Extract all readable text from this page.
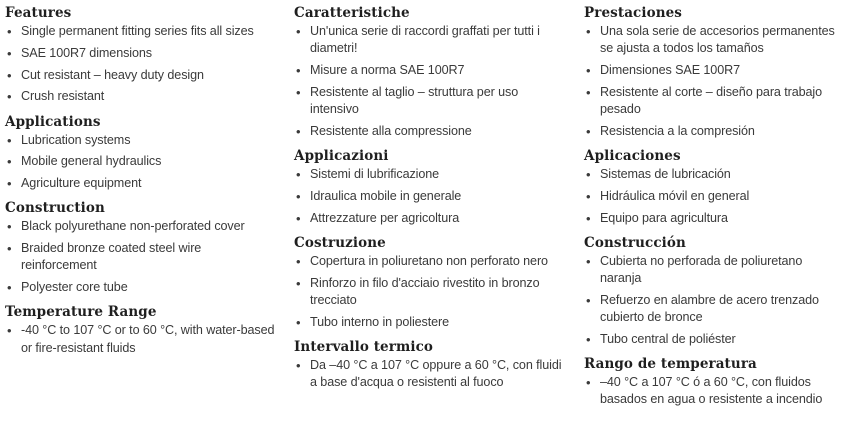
Features
• Single permanent fitting series fits all sizes
• SAE 100R7 dimensions
• Cut resistant – heavy duty design
• Crush resistant
Applications
• Lubrication systems
• Mobile general hydraulics
• Agriculture equipment
Construction
• Black polyurethane non-perforated cover
• Braided bronze coated steel wire reinforcement
• Polyester core tube
Temperature Range
• -40 °C to 107 °C or to 60 °C, with water-based or fire-resistant fluids
Caratteristiche
• Un'unica serie di raccordi graffati per tutti i diametri!
• Misure a norma SAE 100R7
• Resistente al taglio – struttura per uso intensivo
• Resistente alla compressione
Applicazioni
• Sistemi di lubrificazione
• Idraulica mobile in generale
• Attrezzature per agricoltura
Costruzione
• Copertura in poliuretano non perforato nero
• Rinforzo in filo d'acciaio rivestito in bronzo trecciato
• Tubo interno in poliestere
Intervallo termico
• Da –40 °C a 107 °C oppure a 60 °C, con fluidi a base d'acqua o resistenti al fuoco
Prestaciones
• Una sola serie de accesorios permanentes se ajusta a todos los tamaños
• Dimensiones SAE 100R7
• Resistente al corte – diseño para trabajo pesado
• Resistencia a la compresión
Aplicaciones
• Sistemas de lubricación
• Hidráulica móvil en general
• Equipo para agricultura
Construcción
• Cubierta no perforada de poliuretano naranja
• Refuerzo en alambre de acero trenzado cubierto de bronce
• Tubo central de poliéster
Rango de temperatura
• –40 °C a 107 °C ó a 60 °C, con fluidos basados en agua o resistente a incendio
